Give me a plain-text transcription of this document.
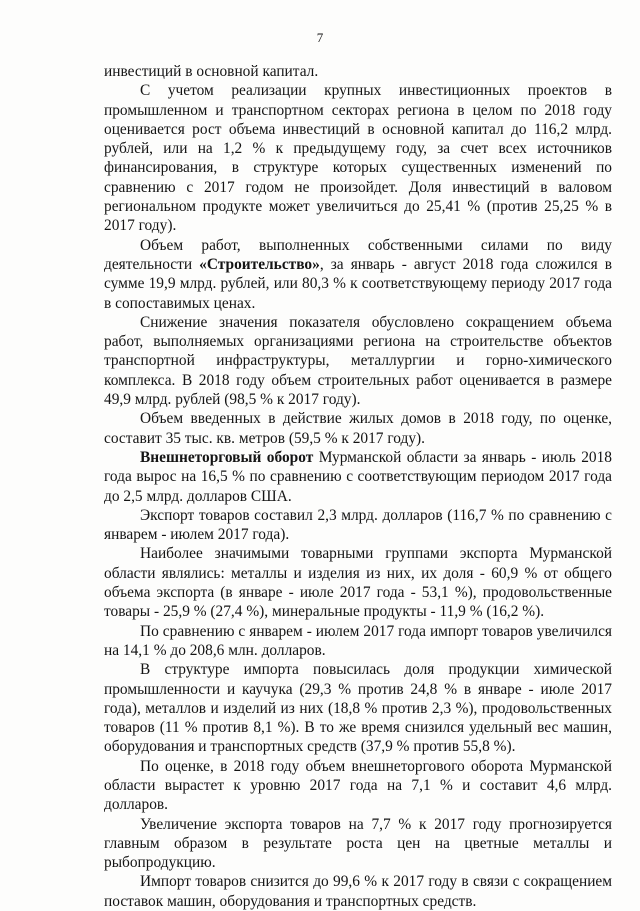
7

инвестиций в основной капитал.

С учетом реализации крупных инвестиционных проектов в промышленном и транспортном секторах региона в целом по 2018 году оценивается рост объема инвестиций в основной капитал до 116,2 млрд. рублей, или на 1,2 % к предыдущему году, за счет всех источников финансирования, в структуре которых существенных изменений по сравнению с 2017 годом не произойдет. Доля инвестиций в валовом региональном продукте может увеличиться до 25,41 % (против 25,25 % в 2017 году).

Объем работ, выполненных собственными силами по виду деятельности «Строительство», за январь - август 2018 года сложился в сумме 19,9 млрд. рублей, или 80,3 % к соответствующему периоду 2017 года в сопоставимых ценах.

Снижение значения показателя обусловлено сокращением объема работ, выполняемых организациями региона на строительстве объектов транспортной инфраструктуры, металлургии и горно-химического комплекса. В 2018 году объем строительных работ оценивается в размере 49,9 млрд. рублей (98,5 % к 2017 году).

Объем введенных в действие жилых домов в 2018 году, по оценке, составит 35 тыс. кв. метров (59,5 % к 2017 году).

Внешнеторговый оборот Мурманской области за январь - июль 2018 года вырос на 16,5 % по сравнению с соответствующим периодом 2017 года до 2,5 млрд. долларов США.

Экспорт товаров составил 2,3 млрд. долларов (116,7 % по сравнению с январем - июлем 2017 года).

Наиболее значимыми товарными группами экспорта Мурманской области являлись: металлы и изделия из них, их доля - 60,9 % от общего объема экспорта (в январе - июле 2017 года - 53,1 %), продовольственные товары - 25,9 % (27,4 %), минеральные продукты - 11,9 % (16,2 %).

По сравнению с январем - июлем 2017 года импорт товаров увеличился на 14,1 % до 208,6 млн. долларов.

В структуре импорта повысилась доля продукции химической промышленности и каучука (29,3 % против 24,8 % в январе - июле 2017 года), металлов и изделий из них (18,8 % против 2,3 %), продовольственных товаров (11 % против 8,1 %). В то же время снизился удельный вес машин, оборудования и транспортных средств (37,9 % против 55,8 %).

По оценке, в 2018 году объем внешнеторгового оборота Мурманской области вырастет к уровню 2017 года на 7,1 % и составит 4,6 млрд. долларов.

Увеличение экспорта товаров на 7,7 % к 2017 году прогнозируется главным образом в результате роста цен на цветные металлы и рыбопродукцию.

Импорт товаров снизится до 99,6 % к 2017 году в связи с сокращением поставок машин, оборудования и транспортных средств.
